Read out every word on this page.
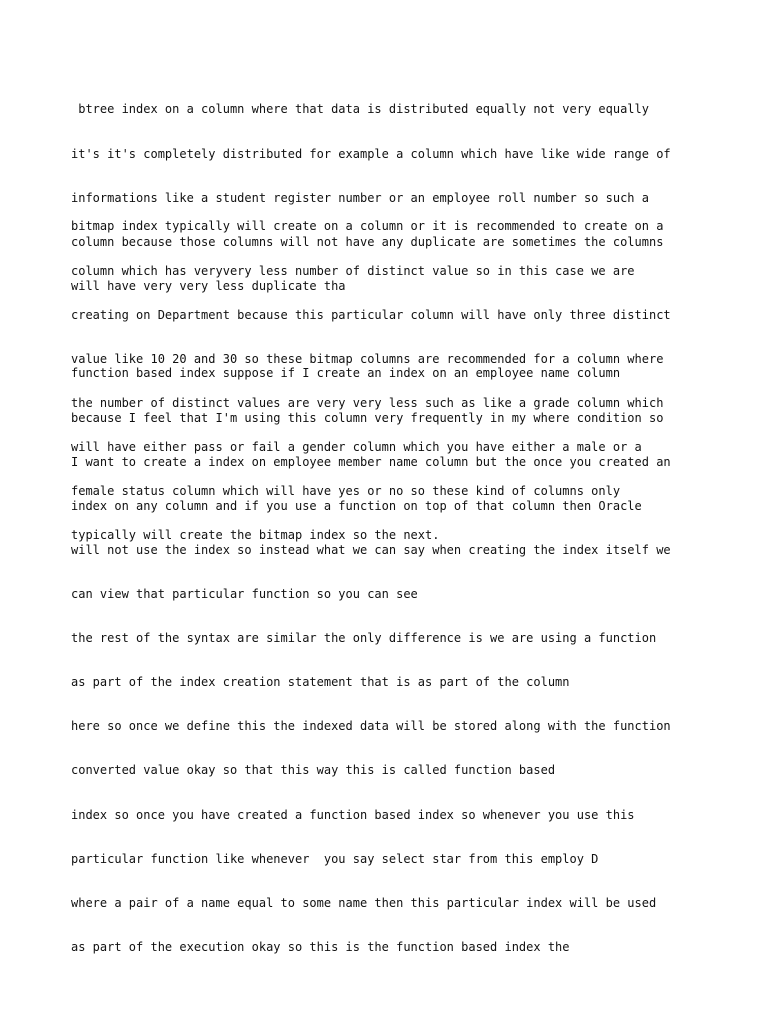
btree index on a column where that data is distributed equally not very equally

it's it's completely distributed for example a column which have like wide range of

informations like a student register number or an employee roll number so such a

column because those columns will not have any duplicate are sometimes the columns

will have very very less duplicate tha

bitmap index typically will create on a column or it is recommended to create on a

column which has veryvery less number of distinct value so in this case we are

creating on Department because this particular column will have only three distinct

value like 10 20 and 30 so these bitmap columns are recommended for a column where

the number of distinct values are very very less such as like a grade column which

will have either pass or fail a gender column which you have either a male or a

female status column which will have yes or no so these kind of columns only

typically will create the bitmap index so the next.

function based index suppose if I create an index on an employee name column

because I feel that I'm using this column very frequently in my where condition so

I want to create a index on employee member name column but the once you created an

index on any column and if you use a function on top of that column then Oracle

will not use the index so instead what we can say when creating the index itself we

can view that particular function so you can see

the rest of the syntax are similar the only difference is we are using a function

as part of the index creation statement that is as part of the column

here so once we define this the indexed data will be stored along with the function

converted value okay so that this way this is called function based

index so once you have created a function based index so whenever you use this

particular function like whenever  you say select star from this employ D

where a pair of a name equal to some name then this particular index will be used

as part of the execution okay so this is the function based index the
